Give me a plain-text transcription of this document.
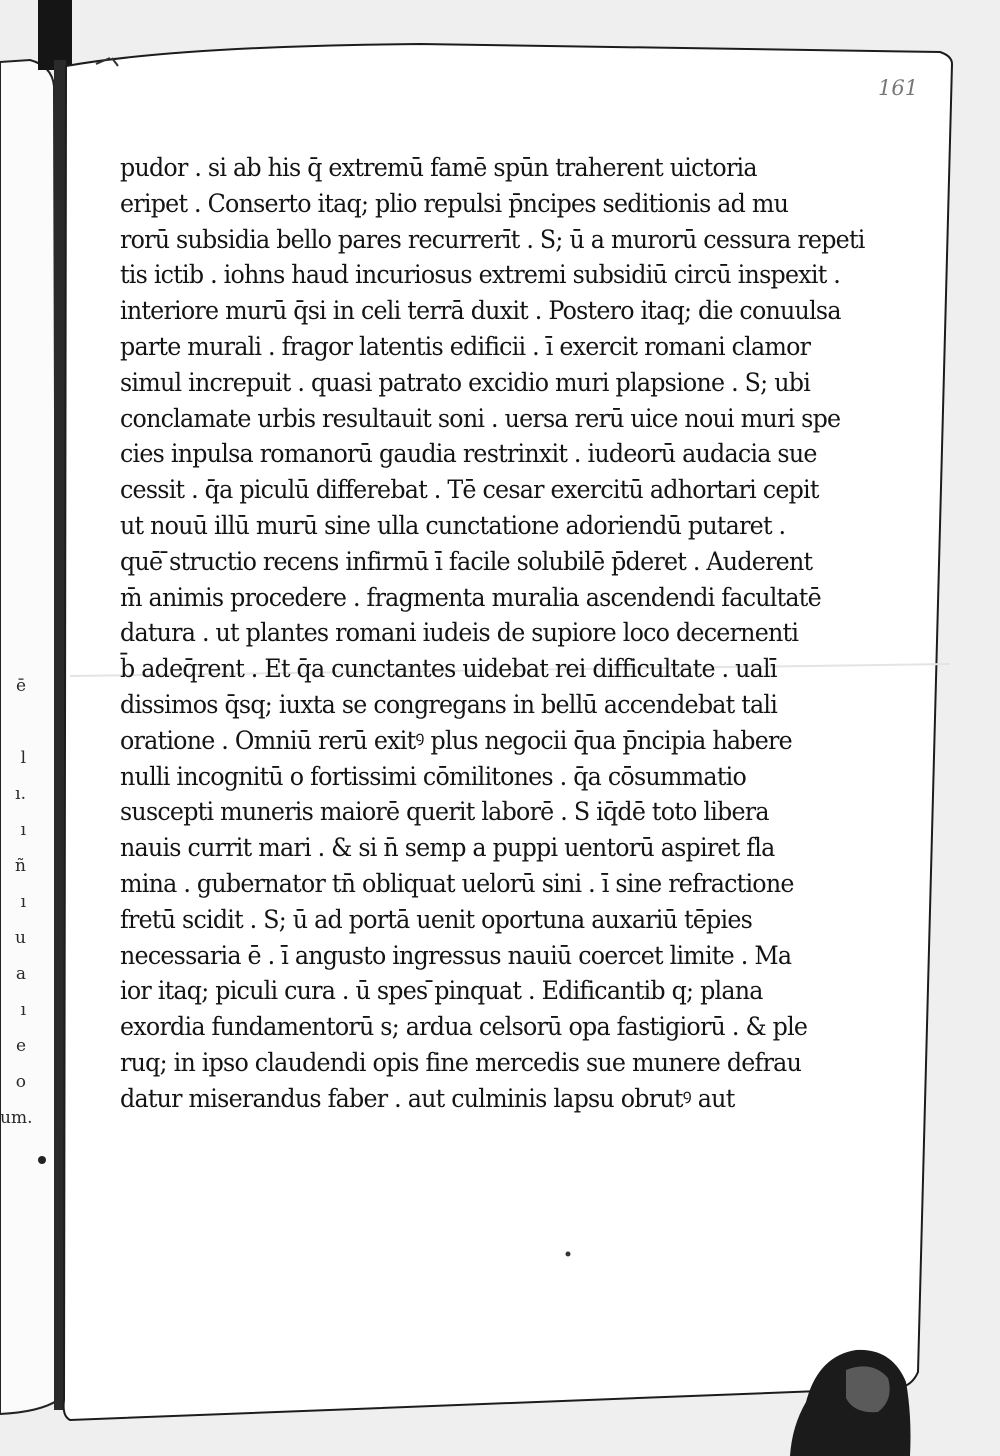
161
ē
l
ı.
ı
ñ
ı
u
a
ı
e
o
um.
pudor . si ab his q̄ extremū famē spūn traherent uictoria
eripet . Conserto itaq; plio repulsi p̄ncipes seditionis ad mu
rorū subsidia bello pares recurrerīt . S; ū a murorū cessura repeti
tis ictib . iohns haud incuriosus extremi subsidiū circū inspexit .
interiore murū q̄si in celi terrā duxit . Postero itaq; die conuulsa
parte murali . fragor latentis edificii . ī exercit romani clamor
simul increpuit . quasi patrato excidio muri plapsione . S; ubi
conclamate urbis resultauit soni . uersa rerū uice noui muri spe
cies inpulsa romanorū gaudia restrinxit . iudeorū audacia sue
cessit . q̄a piculū differebat . Tē cesar exercitū adhortari cepit
ut nouū illū murū sine ulla cunctatione adoriendū putaret .
quē ̄structio recens infirmū ī facile solubilē p̄deret . Auderent
m̄ animis procedere . fragmenta muralia ascendendi facultatē
datura . ut plantes romani iudeis de supiore loco decernenti
b̄ adeq̄rent . Et q̄a cunctantes uidebat rei difficultate . ualī
dissimos q̄sq; iuxta se congregans in bellū accendebat tali
oratione . Omniū rerū exitꝰ plus negocii q̄ua p̄ncipia habere
nulli incognitū o fortissimi cōmilitones . q̄a cōsummatio
suscepti muneris maiorē querit laborē . S iq̄dē toto libera
nauis currit mari . & si n̄ semp a puppi uentorū aspiret fla
mina . gubernator tn̄ obliquat uelorū sini . ī sine refractione
fretū scidit . S; ū ad portā uenit oportuna auxariū tēpies
necessaria ē . ī angusto ingressus nauiū coercet limite . Ma
ior itaq; piculi cura . ū spes ̄pinquat . Edificantib q; plana
exordia fundamentorū s; ardua celsorū opa fastigiorū . & ple
ruq; in ipso claudendi opis fine mercedis sue munere defrau
datur miserandus faber . aut culminis lapsu obrutꝰ aut
